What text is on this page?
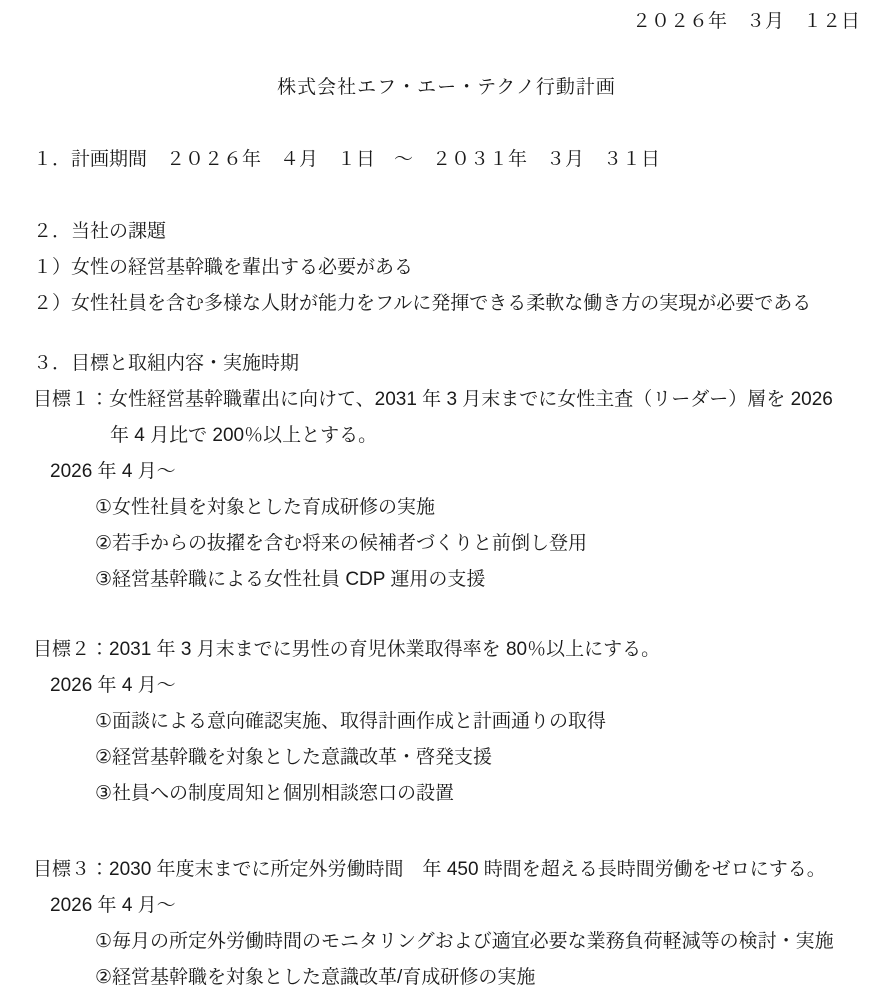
２０２６年　３月　１２日

株式会社エフ・エー・テクノ行動計画

１．計画期間　２０２６年　４月　１日　～　２０３１年　３月　３１日

２．当社の課題

１）女性の経営基幹職を輩出する必要がある

２）女性社員を含む多様な人財が能力をフルに発揮できる柔軟な働き方の実現が必要である

３．目標と取組内容・実施時期

目標１：女性経営基幹職輩出に向けて、2031 年 3 月末までに女性主査（リーダー）層を 2026

年 4 月比で 200％以上とする。

2026 年 4 月～

①女性社員を対象とした育成研修の実施

②若手からの抜擢を含む将来の候補者づくりと前倒し登用

③経営基幹職による女性社員 CDP 運用の支援

目標２：2031 年 3 月末までに男性の育児休業取得率を 80％以上にする。

2026 年 4 月～

①面談による意向確認実施、取得計画作成と計画通りの取得

②経営基幹職を対象とした意識改革・啓発支援

③社員への制度周知と個別相談窓口の設置

目標３：2030 年度末までに所定外労働時間　年 450 時間を超える長時間労働をゼロにする。

2026 年 4 月～

①毎月の所定外労働時間のモニタリングおよび適宜必要な業務負荷軽減等の検討・実施

②経営基幹職を対象とした意識改革/育成研修の実施
